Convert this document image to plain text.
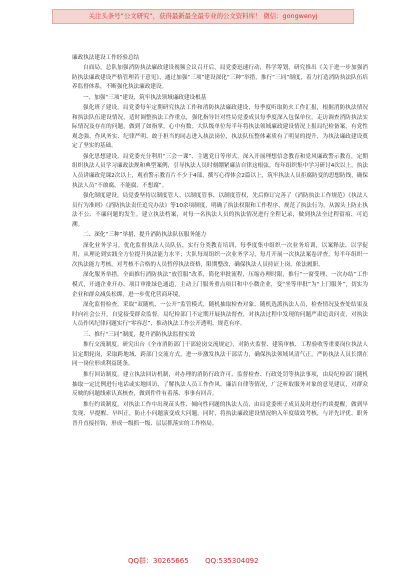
关注头条号“公文研究”，获得最新最全最专业的公文资料库！ 微信：gongwenyj
廉政执法建设工作经验总结

自面局，总队加强消防执法廉政建设视频会议召开后，局党委迅速行动，科学筹划，研究推出《关于进一步加强消防执法廉政建设严格管理若干意见》，通过加强“三项”建设深化“三种”举措，推行“三同”制度，着力打造消防执法队伍培养监督体系，不断强化执法廉政建设。

一、加强“三项”建设，筑牢执法领域廉政建设根基

强化班子建设。局党委每年定期研究执法工作和消防执法廉政建设，每季度听取防火工作汇报，根据消防执法情况和执法队伍建设情况，适时调整执法工作重点，强化指导针对性局党委成员每季度深入包保单位，走访调查消防执法实际情况及存在的问题，做到了如指掌，心中有数；大队级单位每半年将执法领域廉政建设情况上报局纪检备案，有党性观念强、作风务实、纪律严明、敢于担当的同志进入执法岗位，执法队伍整体素质有了明显的提升，为执法廉政建设奠定了坚实的基础。

强化思想建设。局党委充分利用“三会一课”、主题党日等形式，深入开展理想信念教育和党风廉政警示教育，定期组织执法人员学习廉政法规和典型案例，引导执法人员时刻绷紧廉洁自律这根弦。每年组织集中学习研讨4次以上，执法人员讲廉政党课2次以上，观看警示教育片不少于4部，撰写心得体会2篇以上，筑牢执法人员拒腐防变的思想防线，确保执法人员“不敢腐、不能腐、不想腐”。

强化制度建设。局党委坚持以制度管人、以制度管事、以制度管权，先后修订完善了《消防执法工作规范》《执法人员行为准则》《消防执法责任追究办法》等10余项制度，明确了执法权限和工作程序，规范了执法行为，从源头上防止执法不公、不廉问题的发生。建立执法档案，对每一名执法人员的执法情况进行全程记录，做到执法全过程留痕、可追溯。

二、深化“三种”举措，提升消防执法队伍服务能力

深化业务学习。优化监督执法人员队伍，实行分类教育培训，每季度集中组织一次业务培训，以案释法、以学促用，从理论到实践全方位提升执法能力水平；大队每周组织一次业务学习，每月开展一次执法案卷评查，每半年组织一次执法能力考核，对考核不合格的人员暂停执法资格，限期整改，确保执法人员持证上岗、依法履职。

深化服务举措。全面推行消防执法“放管服”改革，简化审批流程，压缩办理时限，推行“一窗受理、一次办结”工作模式，开通企业开办、项目审批绿色通道，主动上门服务重点项目和中小微企业，变“坐等审批”为“上门服务”，切实为企业和群众减负松绑，进一步优化营商环境。

深化监督检查。采取“双随机、一公开”监管模式，随机抽取检查对象、随机选派执法人员，检查情况及查处结果及时向社会公开，自觉接受群众监督。局纪检部门不定期开展执法督查，对执法过程中发现的问题严肃追责问责，对执法人员作风纪律问题实行“零容忍”，推动执法工作公开透明、规范有序。

三、推行“三同”制度，提升消防执法监督实效

推行交流制度。研究出台《全市消防部门干部轮岗交流规定》，对防火监督、建筑审核、工程验收等重要岗位执法人员定期轮岗，采取跨地域、跨部门交流方式，进一步激发执法干部活力，确保执法领域风清气正，严防执法人员长期在同一岗位形成利益链条。

推行回访制度。建立执法回访机制，对办理的消防行政许可、监督检查、行政处罚等执法事项，由局纪检部门随机抽取一定比例进行电话或实地回访，了解执法人员工作作风、廉洁自律等情况，广泛听取服务对象的意见建议，对群众反映的问题线索认真核查，做到件件有着落、事事有回音。

推行约谈制度。对执法工作中出现苗头性、倾向性问题的执法人员，由局党委班子成员及时进行约谈提醒，做到早发现、早提醒、早纠正，防止小问题演变成大问题。同时，将执法廉政建设情况纳入年度绩效考核，与评先评优、职务晋升直接挂钩，形成一级抓一级、层层抓落实的工作格局。

QQ群：30265665 QQ:535304092
